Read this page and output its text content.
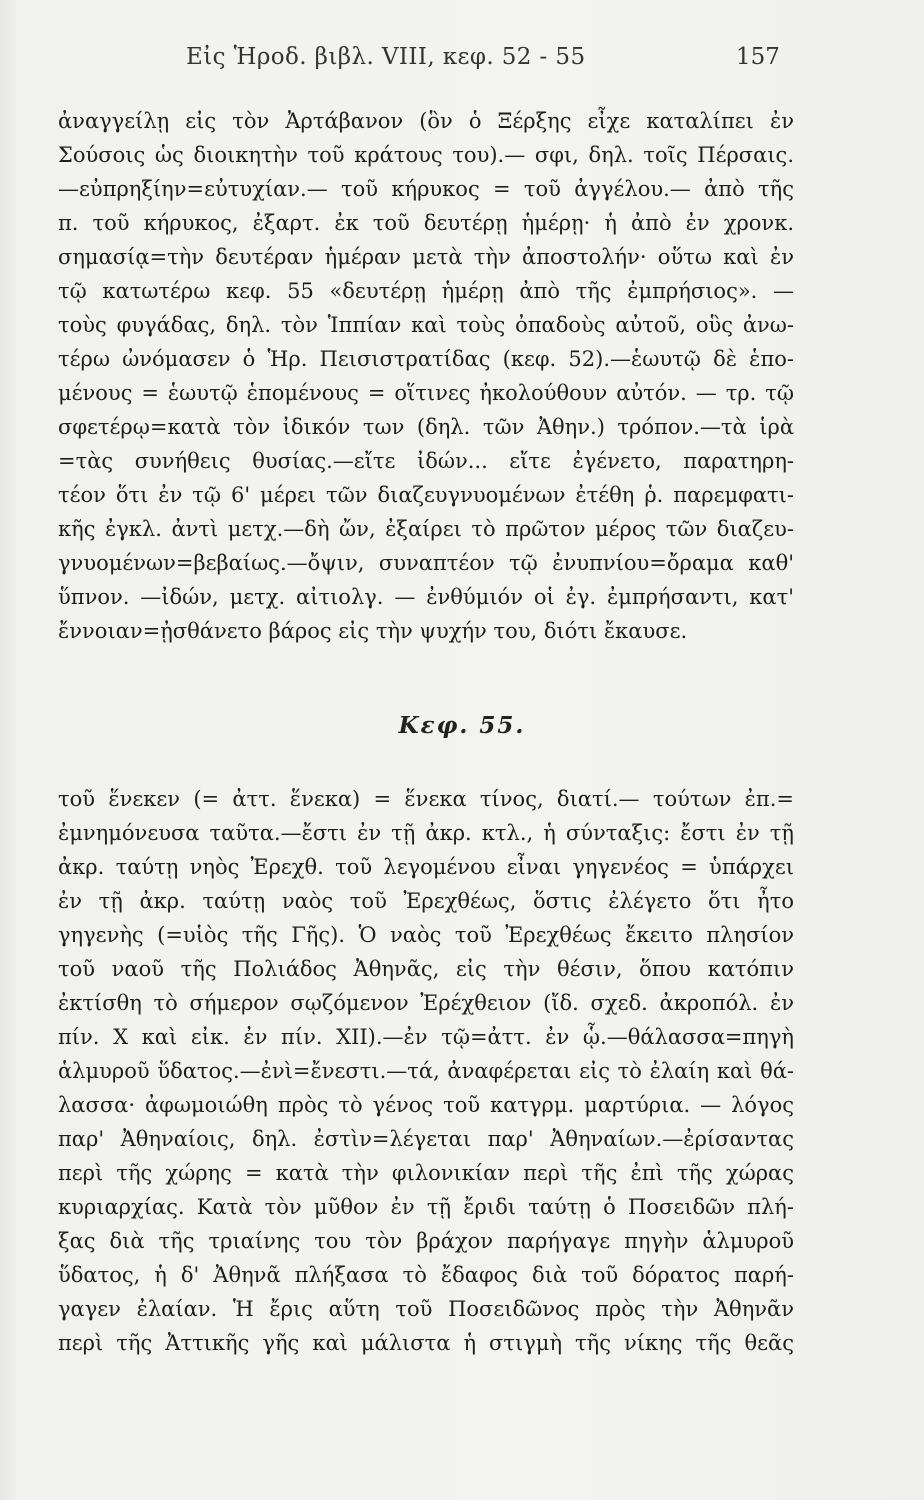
Εἰς Ἡροδ. βιβλ. VIII, κεφ. 52 - 55	157
ἀναγγείλῃ εἰς τὸν Ἀρτάβανον (ὃν ὁ Ξέρξης εἶχε καταλίπει ἐν
Σούσοις ὡς διοικητὴν τοῦ κράτους του).— σφι, δηλ. τοῖς Πέρσαις.
—εὐπρηξίην=εὐτυχίαν.— τοῦ κήρυκος = τοῦ ἀγγέλου.— ἀπὸ τῆς
π. τοῦ κήρυκος, ἐξαρτ. ἐκ τοῦ δευτέρῃ ἡμέρῃ· ἡ ἀπὸ ἐν χρονκ.
σημασίᾳ=τὴν δευτέραν ἡμέραν μετὰ τὴν ἀποστολήν· οὕτω καὶ ἐν
τῷ κατωτέρω κεφ. 55 «δευτέρῃ ἡμέρῃ ἀπὸ τῆς ἐμπρήσιος». —
τοὺς φυγάδας, δηλ. τὸν Ἱππίαν καὶ τοὺς ὀπαδοὺς αὐτοῦ, οὓς ἀνω-
τέρω ὠνόμασεν ὁ Ἡρ. Πεισιστρατίδας (κεφ. 52).—ἑωυτῷ δὲ ἑπο-
μένους = ἑωυτῷ ἑπομένους = οἵτινες ἠκολούθουν αὐτόν. — τρ. τῷ
σφετέρῳ=κατὰ τὸν ἰδικόν των (δηλ. τῶν Ἀθην.) τρόπον.—τὰ ἱρὰ
=τὰς συνήθεις θυσίας.—εἴτε ἰδών... εἴτε ἐγένετο, παρατηρη-
τέον ὅτι ἐν τῷ 6' μέρει τῶν διαζευγνυομένων ἐτέθη ῥ. παρεμφατι-
κῆς ἐγκλ. ἀντὶ μετχ.—δὴ ὤν, ἐξαίρει τὸ πρῶτον μέρος τῶν διαζευ-
γνυομένων=βεβαίως.—ὄψιν, συναπτέον τῷ ἐνυπνίου=ὄραμα καθ'
ὕπνον. —ἰδών, μετχ. αἰτιολγ. — ἐνθύμιόν οἱ ἐγ. ἐμπρήσαντι, κατ'
ἔννοιαν=ᾐσθάνετο βάρος εἰς τὴν ψυχήν του, διότι ἔκαυσε.
Κεφ. 55.
τοῦ ἕνεκεν (= ἀττ. ἕνεκα) = ἕνεκα τίνος, διατί.— τούτων ἐπ.=
ἐμνημόνευσα ταῦτα.—ἔστι ἐν τῇ ἀκρ. κτλ., ἡ σύνταξις: ἔστι ἐν τῇ
ἀκρ. ταύτῃ νηὸς Ἐρεχθ. τοῦ λεγομένου εἶναι γηγενέος = ὑπάρχει
ἐν τῇ ἀκρ. ταύτῃ ναὸς τοῦ Ἐρεχθέως, ὅστις ἐλέγετο ὅτι ἦτο
γηγενὴς (=υἱὸς τῆς Γῆς). Ὁ ναὸς τοῦ Ἐρεχθέως ἔκειτο πλησίον
τοῦ ναοῦ τῆς Πολιάδος Ἀθηνᾶς, εἰς τὴν θέσιν, ὅπου κατόπιν
ἐκτίσθη τὸ σήμερον σῳζόμενον Ἐρέχθειον (ἴδ. σχεδ. ἀκροπόλ. ἐν
πίν. X καὶ εἰκ. ἐν πίν. XII).—ἐν τῷ=ἀττ. ἐν ᾧ.—θάλασσα=πηγὴ
ἁλμυροῦ ὕδατος.—ἐνὶ=ἔνεστι.—τά, ἀναφέρεται εἰς τὸ ἐλαίη καὶ θά-
λασσα· ἀφωμοιώθη πρὸς τὸ γένος τοῦ κατγρμ. μαρτύρια. — λόγος
παρ' Ἀθηναίοις, δηλ. ἐστὶν=λέγεται παρ' Ἀθηναίων.—ἐρίσαντας
περὶ τῆς χώρης = κατὰ τὴν φιλονικίαν περὶ τῆς ἐπὶ τῆς χώρας
κυριαρχίας. Κατὰ τὸν μῦθον ἐν τῇ ἔριδι ταύτῃ ὁ Ποσειδῶν πλή-
ξας διὰ τῆς τριαίνης του τὸν βράχον παρήγαγε πηγὴν ἁλμυροῦ
ὕδατος, ἡ δ' Ἀθηνᾶ πλήξασα τὸ ἔδαφος διὰ τοῦ δόρατος παρή-
γαγεν ἐλαίαν. Ἡ ἔρις αὕτη τοῦ Ποσειδῶνος πρὸς τὴν Ἀθηνᾶν
περὶ τῆς Ἀττικῆς γῆς καὶ μάλιστα ἡ στιγμὴ τῆς νίκης τῆς θεᾶς
